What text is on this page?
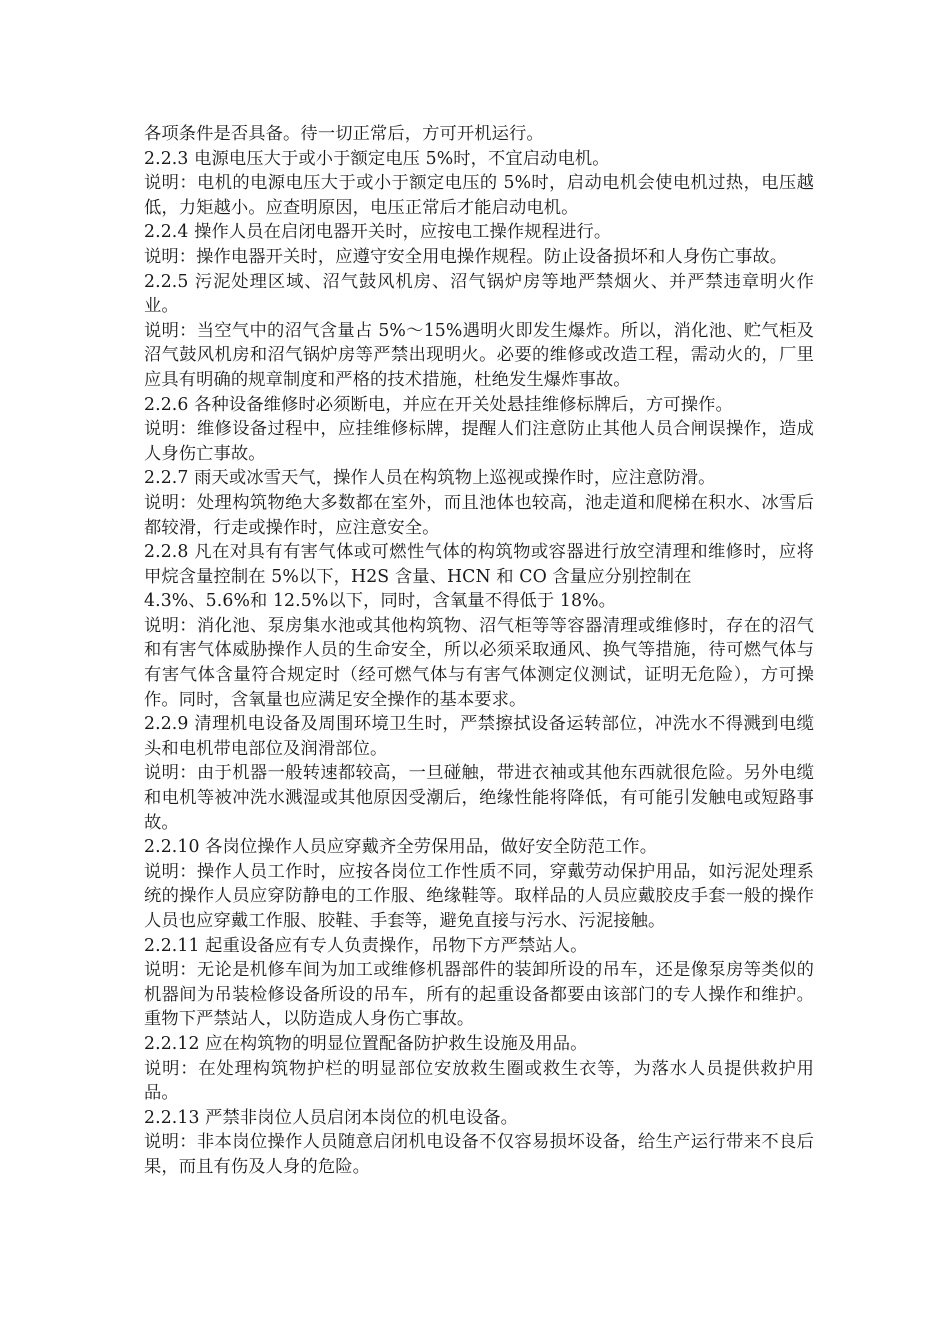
各项条件是否具备。待一切正常后，方可开机运行。

2.2.3 电源电压大于或小于额定电压 5%时，不宜启动电机。

说明：电机的电源电压大于或小于额定电压的 5%时，启动电机会使电机过热，电压越低，力矩越小。应查明原因，电压正常后才能启动电机。

2.2.4 操作人员在启闭电器开关时，应按电工操作规程进行。

说明：操作电器开关时，应遵守安全用电操作规程。防止设备损坏和人身伤亡事故。

2.2.5 污泥处理区域、沼气鼓风机房、沼气锅炉房等地严禁烟火、并严禁违章明火作业。

说明：当空气中的沼气含量占 5%～15%遇明火即发生爆炸。所以，消化池、贮气柜及沼气鼓风机房和沼气锅炉房等严禁出现明火。必要的维修或改造工程，需动火的，厂里应具有明确的规章制度和严格的技术措施，杜绝发生爆炸事故。

2.2.6 各种设备维修时必须断电，并应在开关处悬挂维修标牌后，方可操作。

说明：维修设备过程中，应挂维修标牌，提醒人们注意防止其他人员合闸误操作，造成人身伤亡事故。

2.2.7 雨天或冰雪天气，操作人员在构筑物上巡视或操作时，应注意防滑。

说明：处理构筑物绝大多数都在室外，而且池体也较高，池走道和爬梯在积水、冰雪后都较滑，行走或操作时，应注意安全。

2.2.8 凡在对具有有害气体或可燃性气体的构筑物或容器进行放空清理和维修时，应将甲烷含量控制在 5%以下，H2S 含量、HCN 和 CO 含量应分别控制在

4.3%、5.6%和 12.5%以下，同时，含氧量不得低于 18%。

说明：消化池、泵房集水池或其他构筑物、沼气柜等等容器清理或维修时，存在的沼气和有害气体威胁操作人员的生命安全，所以必须采取通风、换气等措施，待可燃气体与有害气体含量符合规定时（经可燃气体与有害气体测定仪测试，证明无危险），方可操作。同时，含氧量也应满足安全操作的基本要求。

2.2.9 清理机电设备及周围环境卫生时，严禁擦拭设备运转部位，冲洗水不得溅到电缆头和电机带电部位及润滑部位。

说明：由于机器一般转速都较高，一旦碰触，带进衣袖或其他东西就很危险。另外电缆和电机等被冲洗水溅湿或其他原因受潮后，绝缘性能将降低，有可能引发触电或短路事故。

2.2.10 各岗位操作人员应穿戴齐全劳保用品，做好安全防范工作。

说明：操作人员工作时，应按各岗位工作性质不同，穿戴劳动保护用品，如污泥处理系统的操作人员应穿防静电的工作服、绝缘鞋等。取样品的人员应戴胶皮手套一般的操作人员也应穿戴工作服、胶鞋、手套等，避免直接与污水、污泥接触。

2.2.11 起重设备应有专人负责操作，吊物下方严禁站人。

说明：无论是机修车间为加工或维修机器部件的装卸所设的吊车，还是像泵房等类似的机器间为吊装检修设备所设的吊车，所有的起重设备都要由该部门的专人操作和维护。重物下严禁站人，以防造成人身伤亡事故。

2.2.12 应在构筑物的明显位置配备防护救生设施及用品。

说明：在处理构筑物护栏的明显部位安放救生圈或救生衣等，为落水人员提供救护用品。

2.2.13 严禁非岗位人员启闭本岗位的机电设备。

说明：非本岗位操作人员随意启闭机电设备不仅容易损坏设备，给生产运行带来不良后果，而且有伤及人身的危险。
